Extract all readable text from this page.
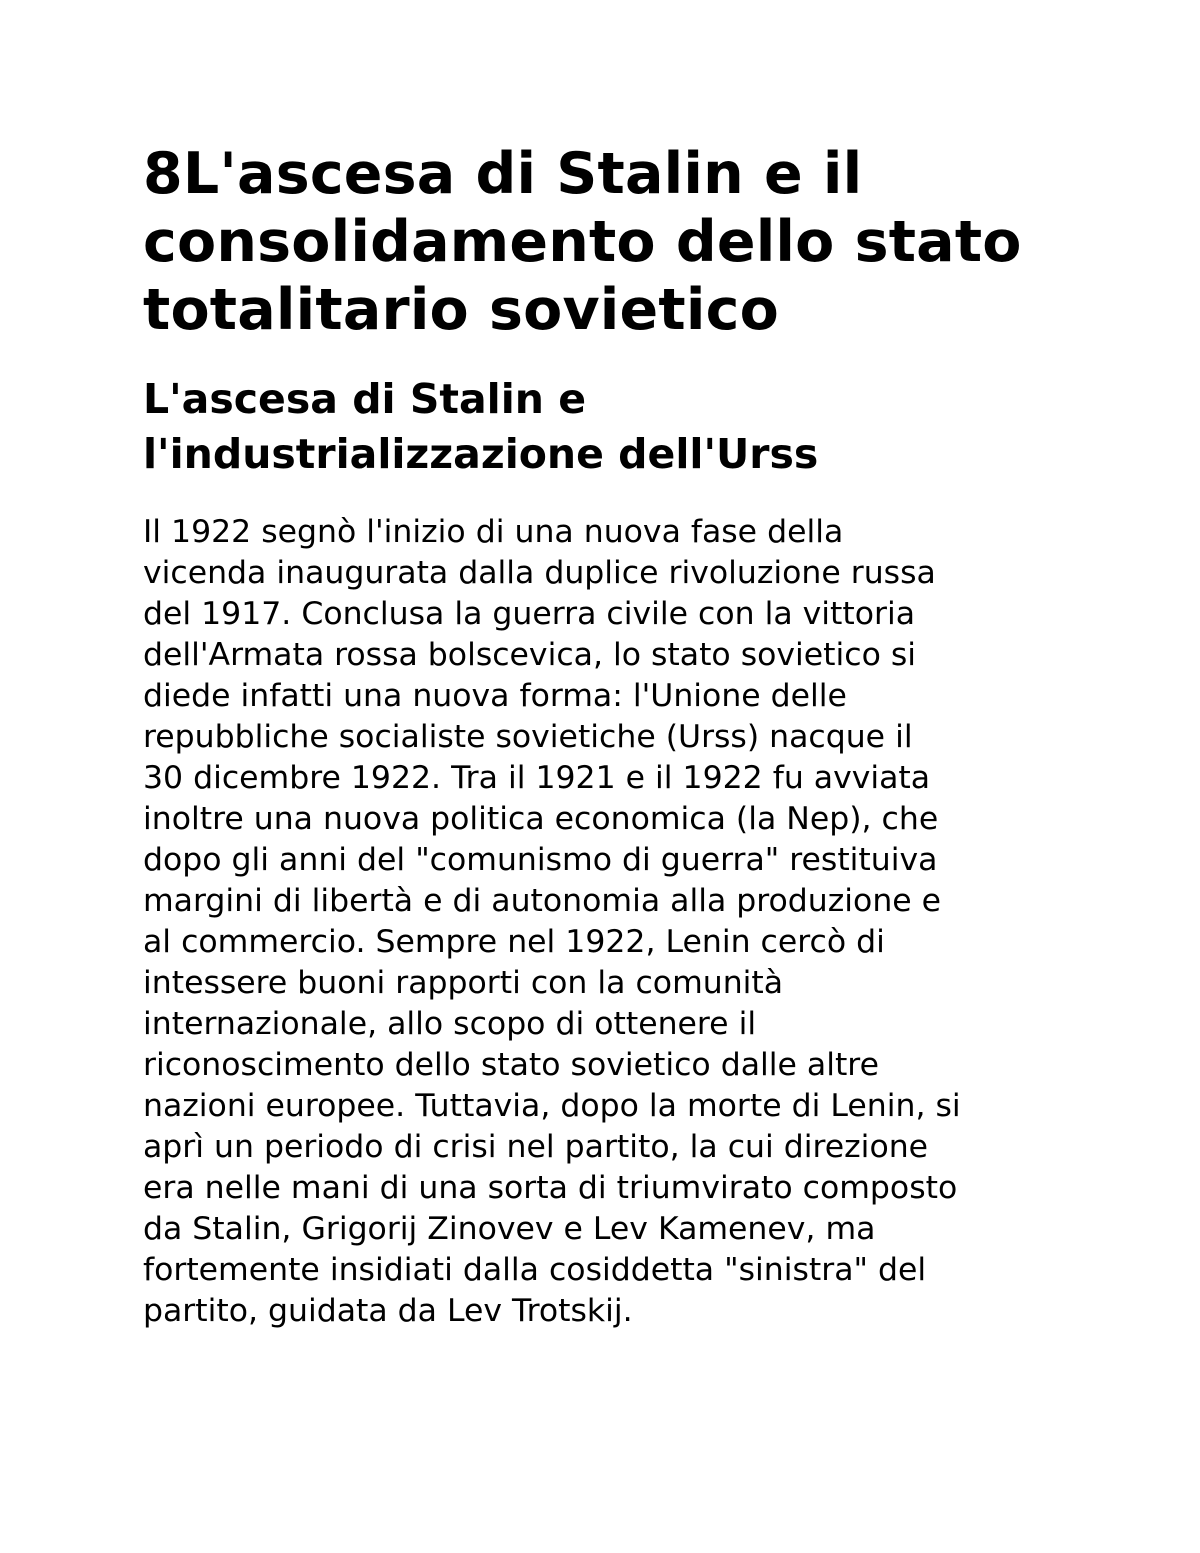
8L'ascesa di Stalin e il
consolidamento dello stato
totalitario sovietico
L'ascesa di Stalin e
l'industrializzazione dell'Urss

Il 1922 segnò l'inizio di una nuova fase della
vicenda inaugurata dalla duplice rivoluzione russa
del 1917. Conclusa la guerra civile con la vittoria
dell'Armata rossa bolscevica, lo stato sovietico si
diede infatti una nuova forma: l'Unione delle
repubbliche socialiste sovietiche (Urss) nacque il
30 dicembre 1922. Tra il 1921 e il 1922 fu avviata
inoltre una nuova politica economica (la Nep), che
dopo gli anni del "comunismo di guerra" restituiva
margini di libertà e di autonomia alla produzione e
al commercio. Sempre nel 1922, Lenin cercò di
intessere buoni rapporti con la comunità
internazionale, allo scopo di ottenere il
riconoscimento dello stato sovietico dalle altre
nazioni europee. Tuttavia, dopo la morte di Lenin, si
aprì un periodo di crisi nel partito, la cui direzione
era nelle mani di una sorta di triumvirato composto
da Stalin, Grigorij Zinovev e Lev Kamenev, ma
fortemente insidiati dalla cosiddetta "sinistra" del
partito, guidata da Lev Trotskij.
